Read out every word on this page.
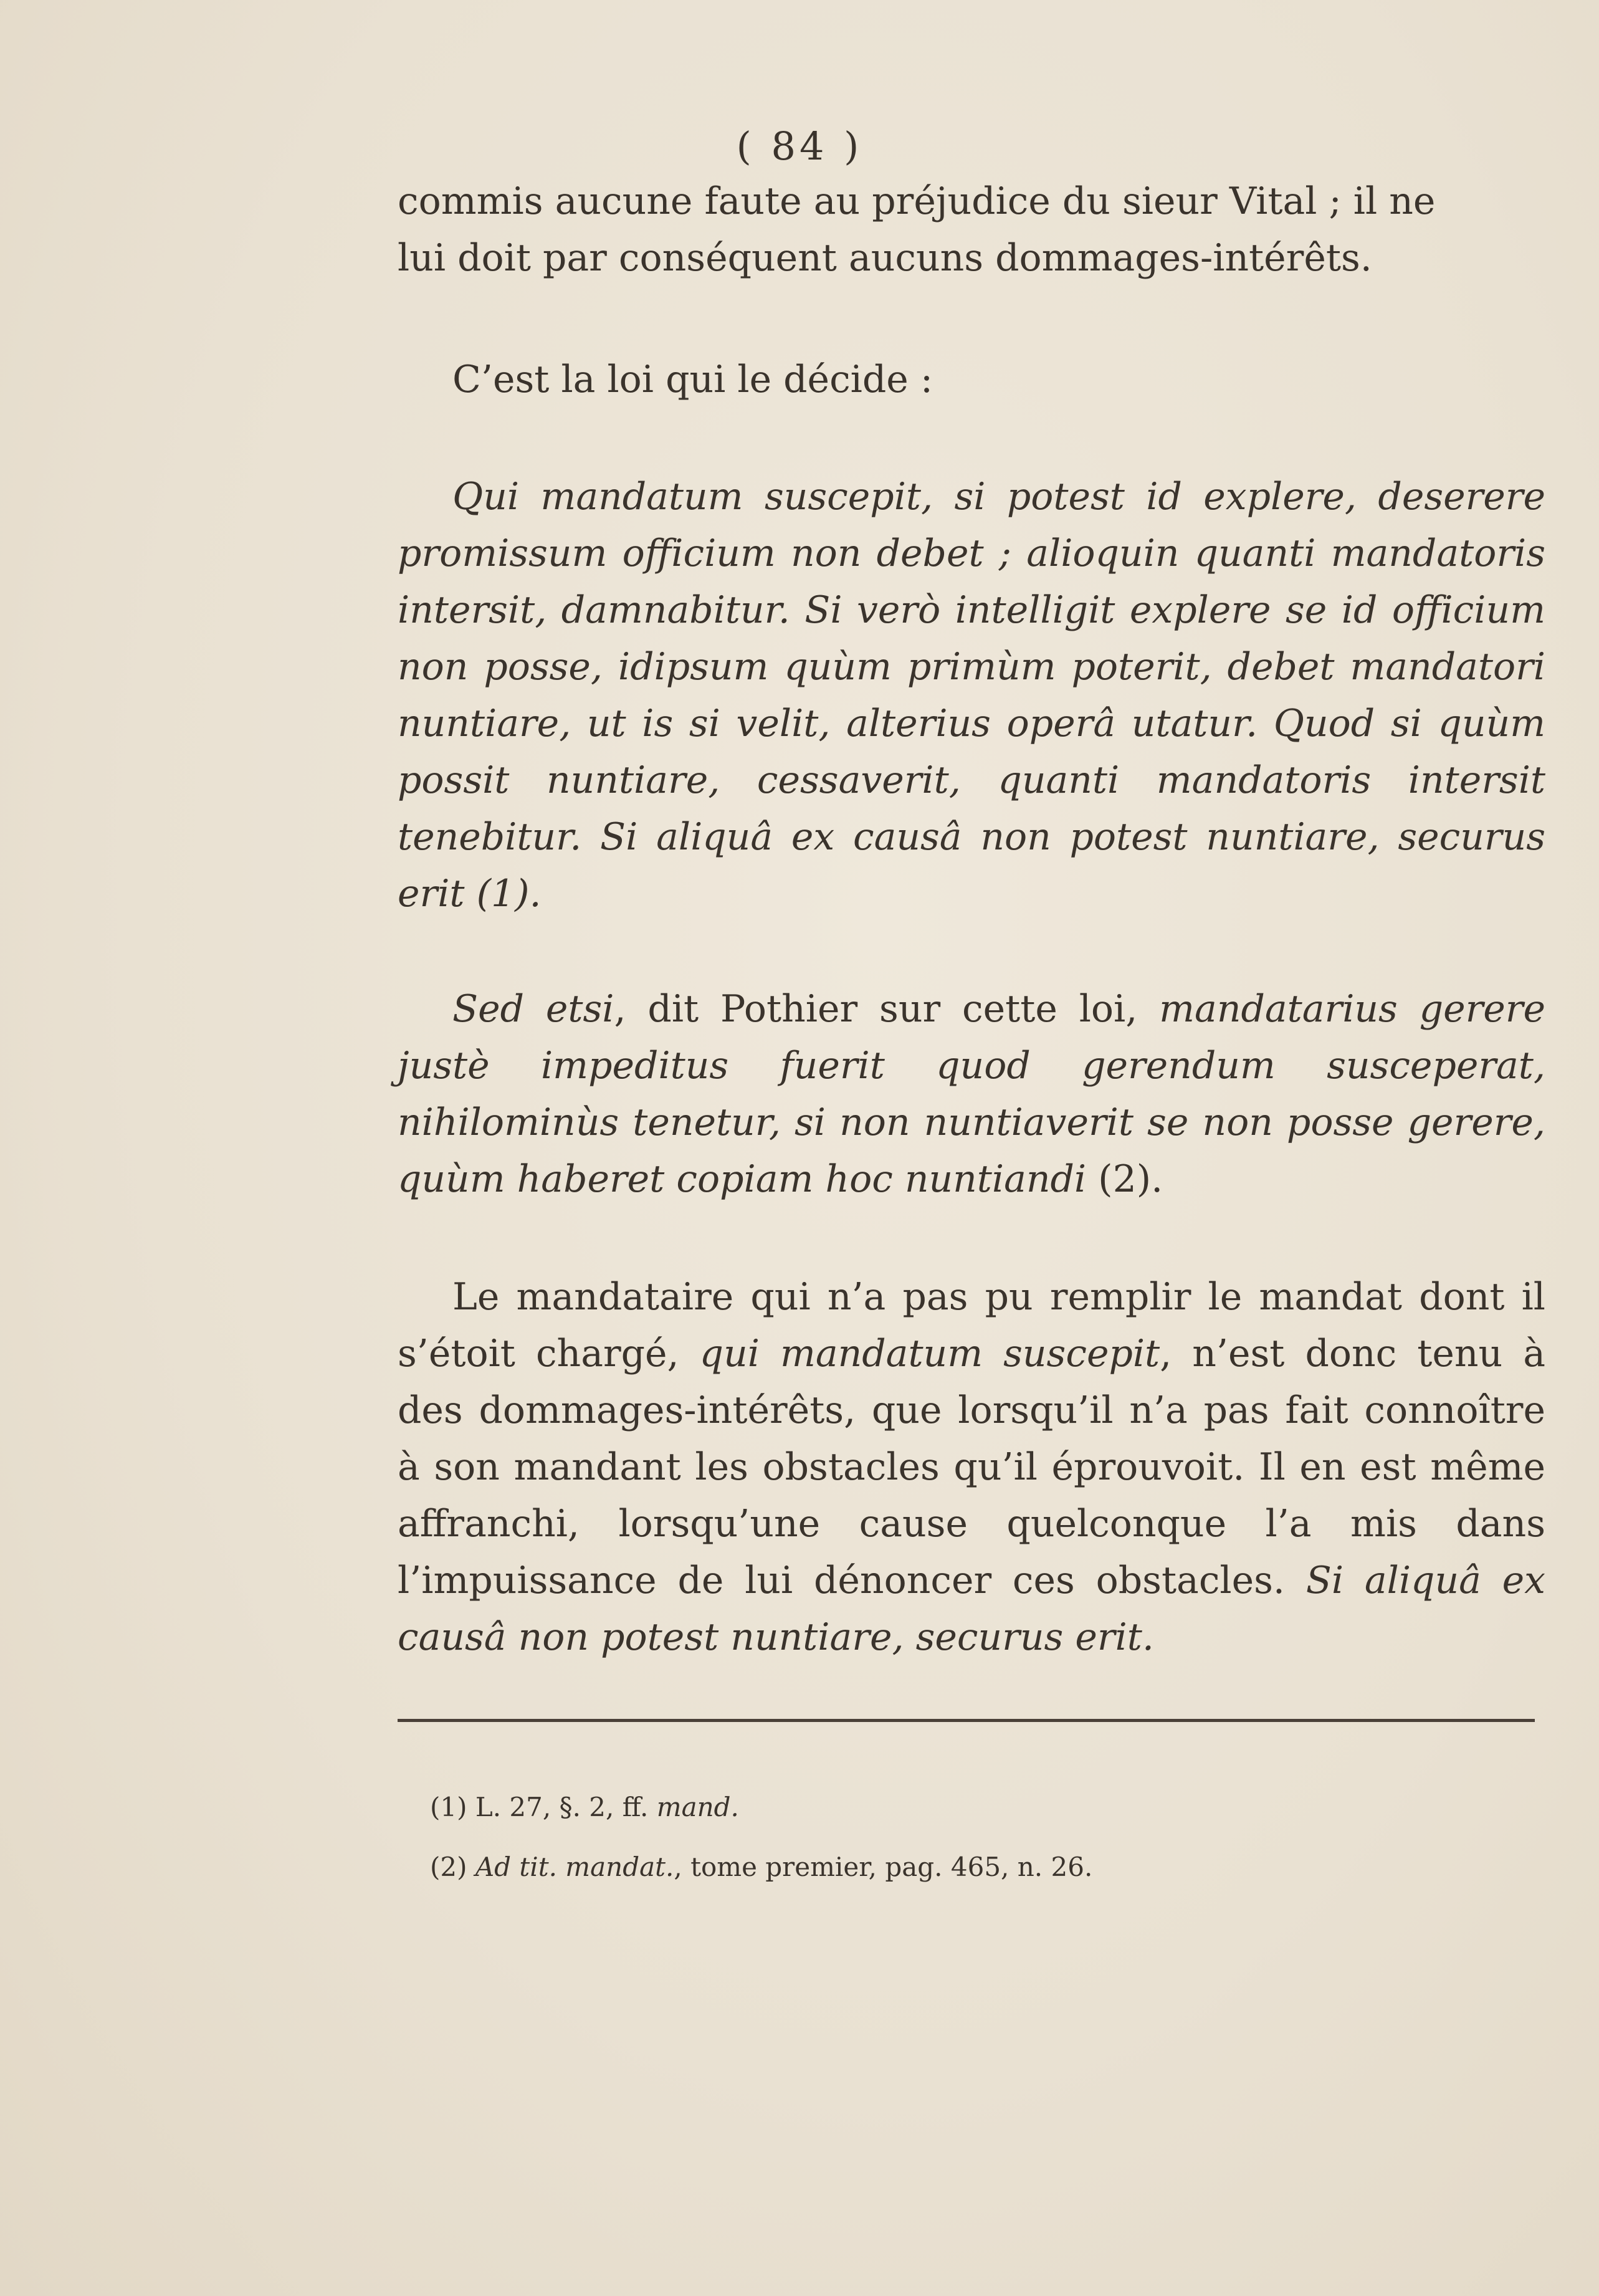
( 84 )
commis aucune faute au préjudice du sieur Vital ; il ne
lui doit par conséquent aucuns dommages-intérêts.

C’est la loi qui le décide :

Qui mandatum suscepit, si potest id explere, deserere promissum officium non debet ; alioquin quanti mandatoris intersit, damnabitur. Si verò intelligit explere se id officium non posse, idipsum quùm primùm poterit, debet mandatori nuntiare, ut is si velit, alterius operâ utatur. Quod si quùm possit nuntiare, cessaverit, quanti mandatoris intersit tenebitur. Si aliquâ ex causâ non potest nuntiare, securus erit (1).

Sed etsi, dit Pothier sur cette loi, mandatarius gerere justè impeditus fuerit quod gerendum susceperat, nihilominùs tenetur, si non nuntiaverit se non posse gerere, quùm haberet copiam hoc nuntiandi (2).

Le mandataire qui n’a pas pu remplir le mandat dont il s’étoit chargé, qui mandatum suscepit, n’est donc tenu à des dommages-intérêts, que lorsqu’il n’a pas fait connoître à son mandant les obstacles qu’il éprouvoit. Il en est même affranchi, lorsqu’une cause quelconque l’a mis dans l’impuissance de lui dénoncer ces obstacles. Si aliquâ ex causâ non potest nuntiare, securus erit.

(1) L. 27, §. 2, ff. mand.

(2) Ad tit. mandat., tome premier, pag. 465, n. 26.
